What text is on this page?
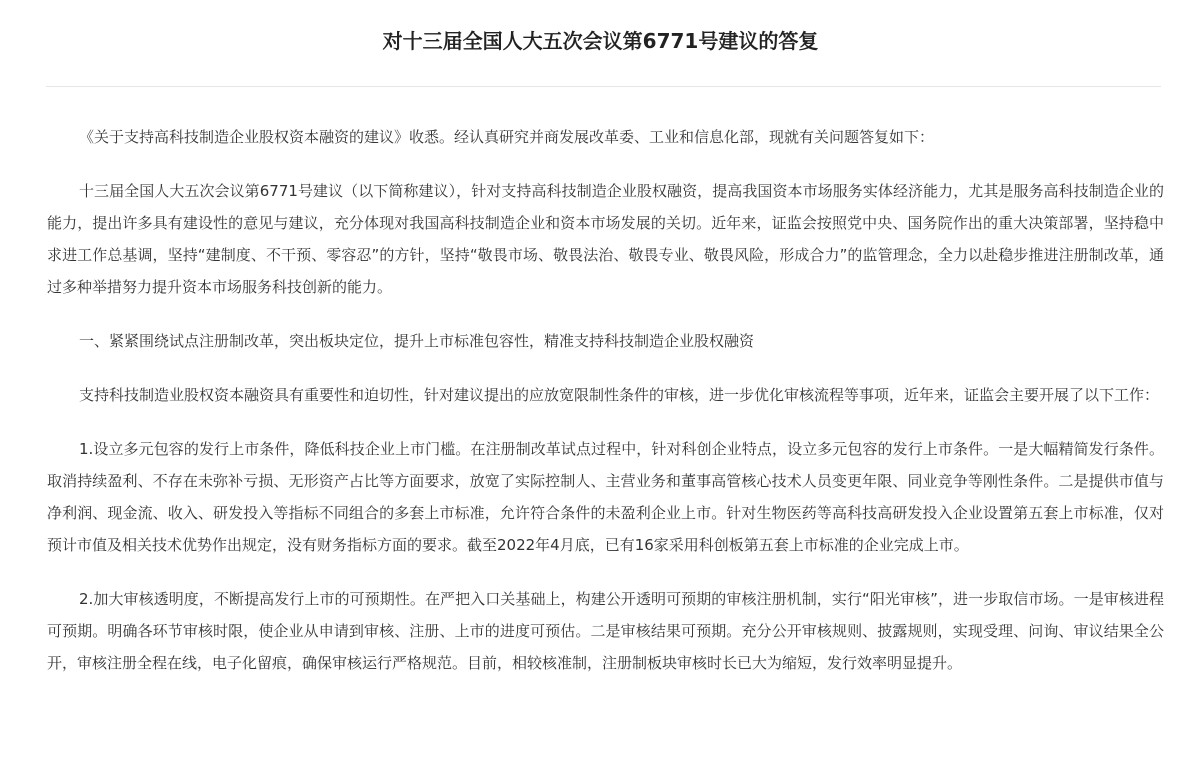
对十三届全国人大五次会议第6771号建议的答复

《关于支持高科技制造企业股权资本融资的建议》收悉。经认真研究并商发展改革委、工业和信息化部，现就有关问题答复如下：

十三届全国人大五次会议第6771号建议（以下简称建议），针对支持高科技制造企业股权融资，提高我国资本市场服务实体经济能力，尤其是服务高科技制造企业的能力，提出许多具有建设性的意见与建议，充分体现对我国高科技制造企业和资本市场发展的关切。近年来，证监会按照党中央、国务院作出的重大决策部署，坚持稳中求进工作总基调，坚持“建制度、不干预、零容忍”的方针，坚持“敬畏市场、敬畏法治、敬畏专业、敬畏风险，形成合力”的监管理念，全力以赴稳步推进注册制改革，通过多种举措努力提升资本市场服务科技创新的能力。

一、紧紧围绕试点注册制改革，突出板块定位，提升上市标准包容性，精准支持科技制造企业股权融资

支持科技制造业股权资本融资具有重要性和迫切性，针对建议提出的应放宽限制性条件的审核，进一步优化审核流程等事项，近年来，证监会主要开展了以下工作：

1.设立多元包容的发行上市条件，降低科技企业上市门槛。在注册制改革试点过程中，针对科创企业特点，设立多元包容的发行上市条件。一是大幅精简发行条件。取消持续盈利、不存在未弥补亏损、无形资产占比等方面要求，放宽了实际控制人、主营业务和董事高管核心技术人员变更年限、同业竞争等刚性条件。二是提供市值与净利润、现金流、收入、研发投入等指标不同组合的多套上市标准，允许符合条件的未盈利企业上市。针对生物医药等高科技高研发投入企业设置第五套上市标准，仅对预计市值及相关技术优势作出规定，没有财务指标方面的要求。截至2022年4月底，已有16家采用科创板第五套上市标准的企业完成上市。

2.加大审核透明度，不断提高发行上市的可预期性。在严把入口关基础上，构建公开透明可预期的审核注册机制，实行“阳光审核”，进一步取信市场。一是审核进程可预期。明确各环节审核时限，使企业从申请到审核、注册、上市的进度可预估。二是审核结果可预期。充分公开审核规则、披露规则，实现受理、问询、审议结果全公开，审核注册全程在线，电子化留痕，确保审核运行严格规范。目前，相较核准制，注册制板块审核时长已大为缩短，发行效率明显提升。
